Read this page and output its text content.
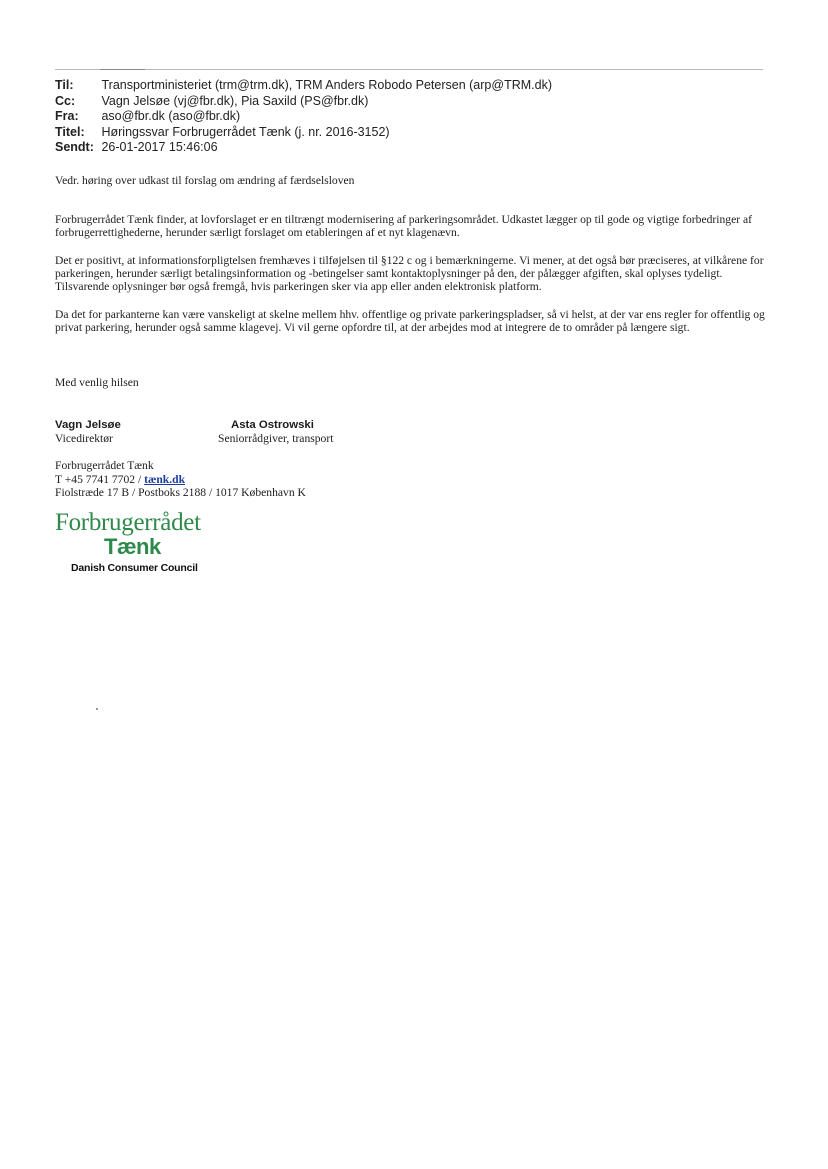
Til: Transportministeriet (trm@trm.dk), TRM Anders Robodo Petersen (arp@TRM.dk)
Cc: Vagn Jelsøe (vj@fbr.dk), Pia Saxild (PS@fbr.dk)
Fra: aso@fbr.dk (aso@fbr.dk)
Titel: Høringssvar Forbrugerrådet Tænk (j. nr. 2016-3152)
Sendt: 26-01-2017 15:46:06
Vedr. høring over udkast til forslag om ændring af færdselsloven

Forbrugerrådet Tænk finder, at lovforslaget er en tiltrængt modernisering af parkeringsområdet. Udkastet lægger op til gode og vigtige forbedringer af forbrugerrettighederne, herunder særligt forslaget om etableringen af et nyt klagenævn.

Det er positivt, at informationsforpligtelsen fremhæves i tilføjelsen til §122 c og i bemærkningerne. Vi mener, at det også bør præciseres, at vilkårene for parkeringen, herunder særligt betalingsinformation og -betingelser samt kontaktoplysninger på den, der pålægger afgiften, skal oplyses tydeligt. Tilsvarende oplysninger bør også fremgå, hvis parkeringen sker via app eller anden elektronisk platform.

Da det for parkanterne kan være vanskeligt at skelne mellem hhv. offentlige og private parkeringspladser, så vi helst, at der var ens regler for offentlig og privat parkering, herunder også samme klagevej. Vi vil gerne opfordre til, at der arbejdes mod at integrere de to områder på længere sigt.

Med venlig hilsen
Vagn Jelsøe
Vicedirektør
Asta Ostrowski
Seniorrådgiver, transport
Forbrugerrådet Tænk
T +45 7741 7702 / tænk.dk
Fiolstræde 17 B / Postboks 2188 / 1017 København K
Forbrugerrådet
Tænk
Danish Consumer Council
